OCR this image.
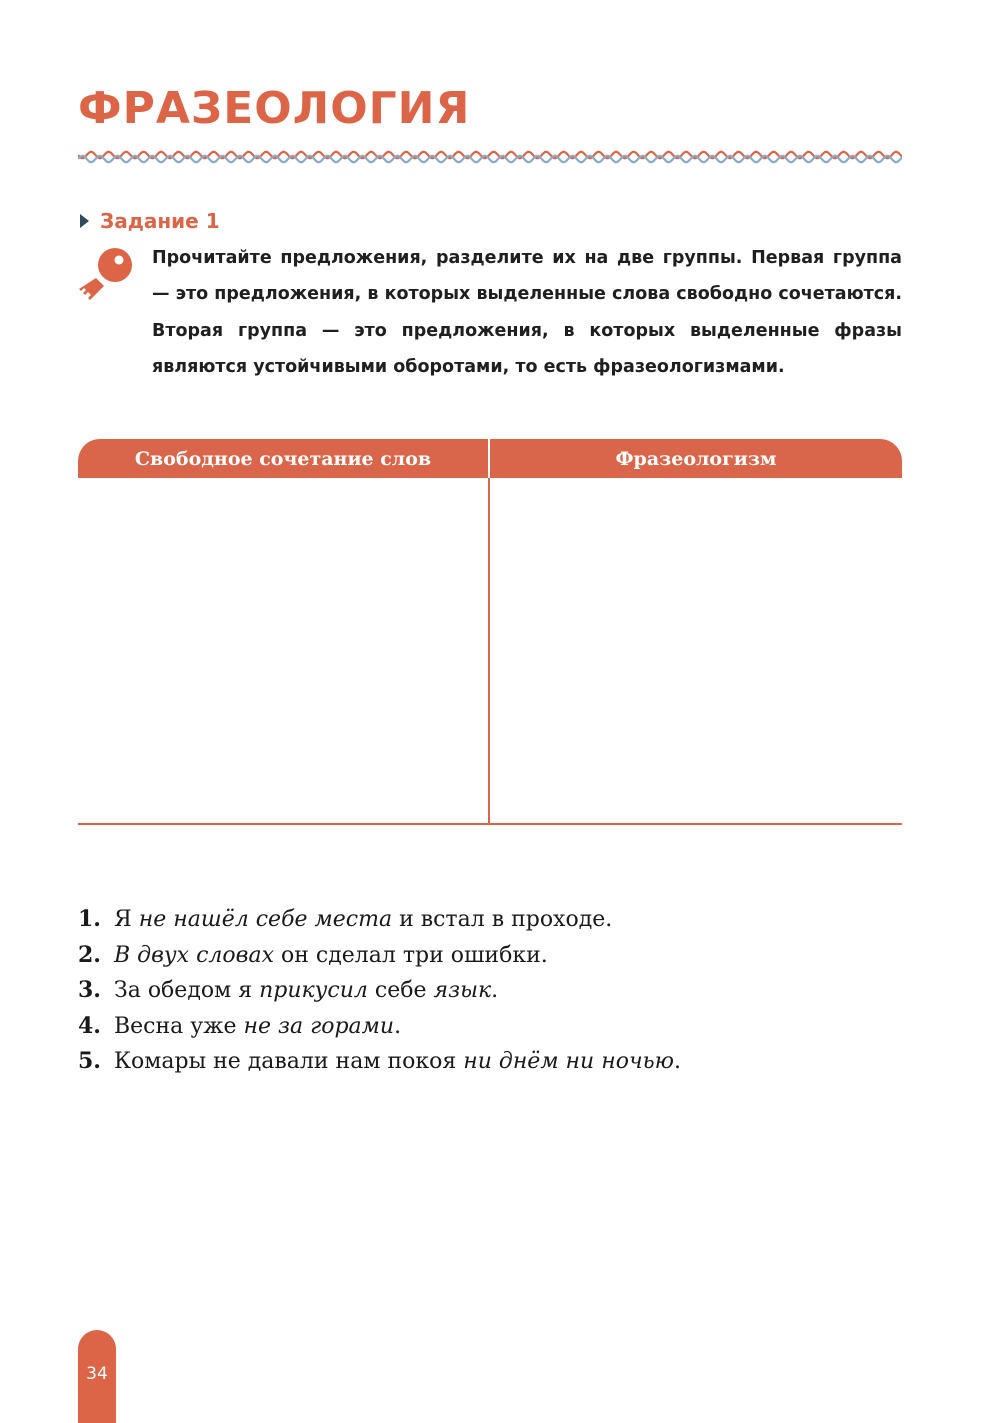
ФРАЗЕОЛОГИЯ
Задание 1

Прочитайте предложения, разделите их на две группы. Первая группа — это предложения, в которых выделенные слова свободно сочетаются. Вторая группа — это предложения, в которых выделенные фразы являются устойчивыми оборотами, то есть фразеологизмами.

Свободное сочетание слов	Фразеологизм
1. Я не нашёл себе места и встал в проходе.
2. В двух словах он сделал три ошибки.
3. За обедом я прикусил себе язык.
4. Весна уже не за горами.
5. Комары не давали нам покоя ни днём ни ночью.
34
